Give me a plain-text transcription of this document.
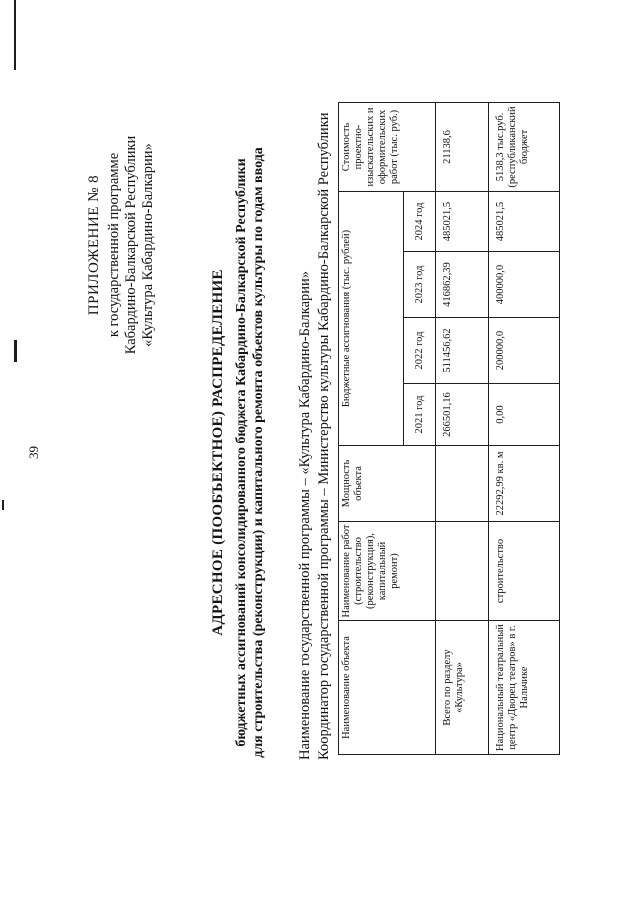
39
ПРИЛОЖЕНИЕ № 8 к государственной программе Кабардино-Балкарской Республики «Культура Кабардино-Балкарии»
АДРЕСНОЕ (ПООБЪЕКТНОЕ) РАСПРЕДЕЛЕНИЕ бюджетных ассигнований консолидированного бюджета Кабардино-Балкарской Республики для строительства (реконструкции) и капитального ремонта объектов культуры по годам ввода Наименование государственной программы – «Культура Кабардино-Балкарии» Координатор государственной программы – Министерство культуры Кабардино-Балкарской Республики Наименование объекта	Наименование работ (строительство (реконструкция), капитальный ремонт)	Мощность объекта	Бюджетные ассигнования (тыс. рублей)				Стоимость проектно-изыскательских и оформительских работ (тыс. руб.)
			2021 год	2022 год	2023 год	2024 год	
Всего по разделу «Культура»			266501,16	511456,62	416862,39	485021,5	21138,6
Национальный театральный центр «Дворец театров» в г. Нальчике	строительство	22292,99 кв. м	0,00	200000,0	400000,0	485021,5	5138,3 тыс.руб. (республиканский бюджет
